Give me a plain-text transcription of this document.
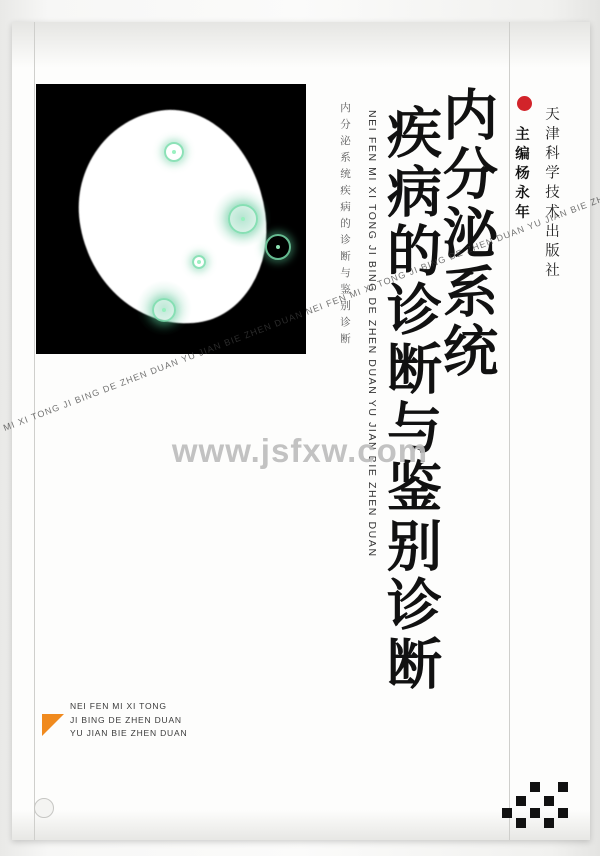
内分泌系统疾病的诊断与鉴别诊断 NEI FEN MI XI TONG JI BING DE ZHEN DUAN YU JIAN BIE ZHEN DUAN 内分泌系统
疾病的诊断与鉴别诊断	主编杨永年 天津科学技术出版社
NEI FEN MI XI TONG
JI BING DE ZHEN DUAN
YU JIAN BIE ZHEN DUAN
FEN MI XI TONG JI BING DE ZHEN DUAN YU JIAN BIE ZHEN DUAN NEI FEN MI XI TONG JI BING DE ZHEN DUAN YU JIAN BIE ZHEN
www.jsfxw.com
